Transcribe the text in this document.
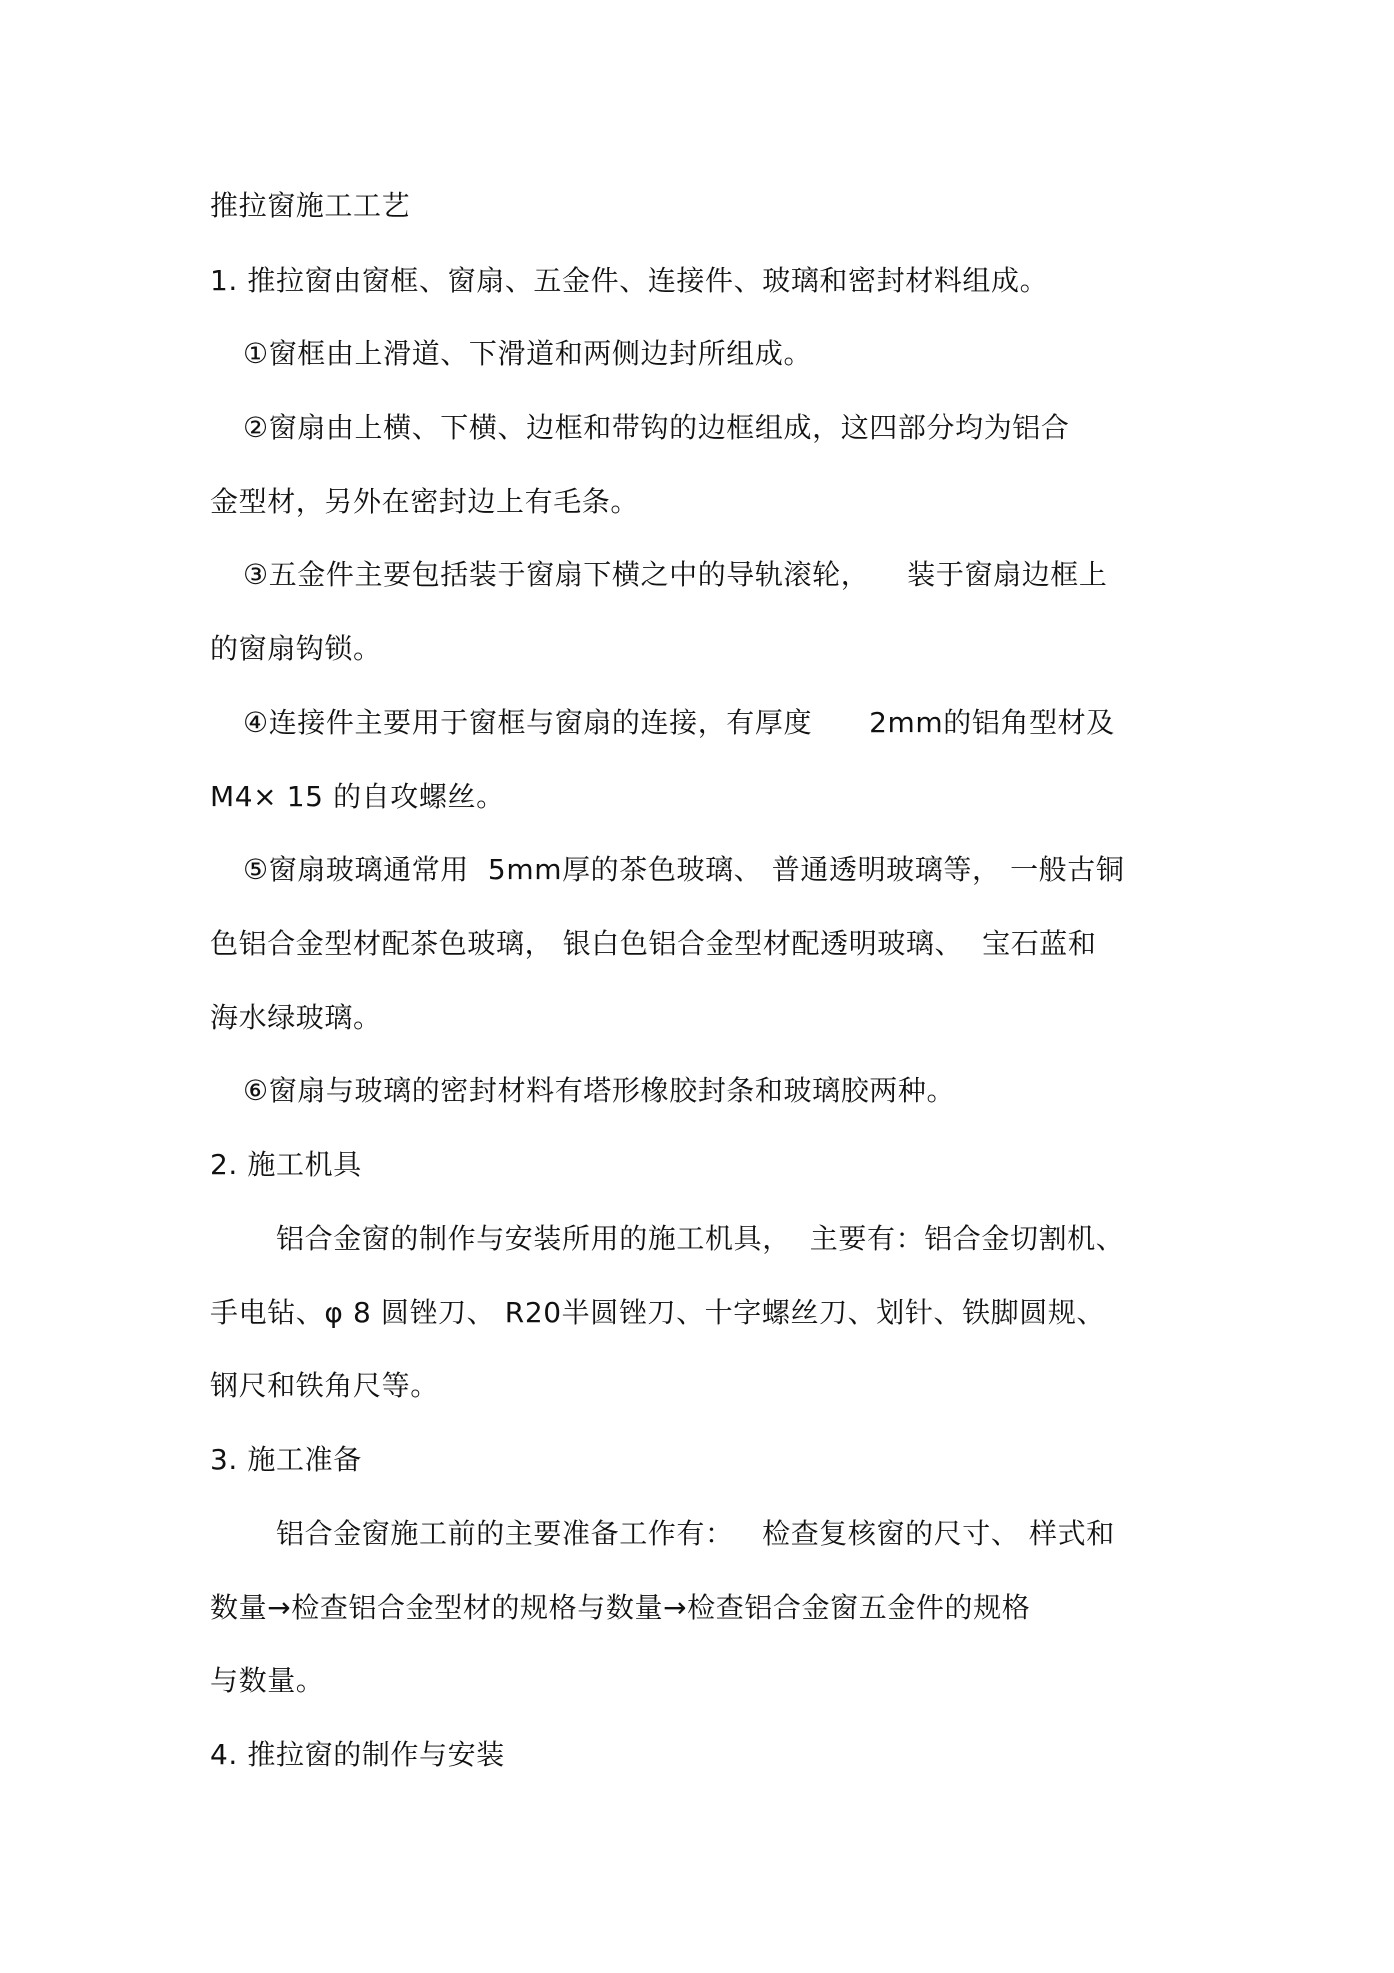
推拉窗施工工艺
1. 推拉窗由窗框、窗扇、五金件、连接件、玻璃和密封材料组成。
①窗框由上滑道、下滑道和两侧边封所组成。
②窗扇由上横、下横、边框和带钩的边框组成，这四部分均为铝合
金型材，另外在密封边上有毛条。
③五金件主要包括装于窗扇下横之中的导轨滚轮，    装于窗扇边框上
的窗扇钩锁。
④连接件主要用于窗框与窗扇的连接，有厚度      2mm的铝角型材及
M4× 15 的自攻螺丝。
⑤窗扇玻璃通常用  5mm厚的茶色玻璃、 普通透明玻璃等， 一般古铜
色铝合金型材配茶色玻璃， 银白色铝合金型材配透明玻璃、  宝石蓝和
海水绿玻璃。
⑥窗扇与玻璃的密封材料有塔形橡胶封条和玻璃胶两种。
2. 施工机具
铝合金窗的制作与安装所用的施工机具，  主要有：铝合金切割机、
手电钻、φ 8 圆锉刀、 R20半圆锉刀、十字螺丝刀、划针、铁脚圆规、
钢尺和铁角尺等。
3. 施工准备
铝合金窗施工前的主要准备工作有：   检查复核窗的尺寸、 样式和
数量→检查铝合金型材的规格与数量→检查铝合金窗五金件的规格
与数量。
4. 推拉窗的制作与安装
